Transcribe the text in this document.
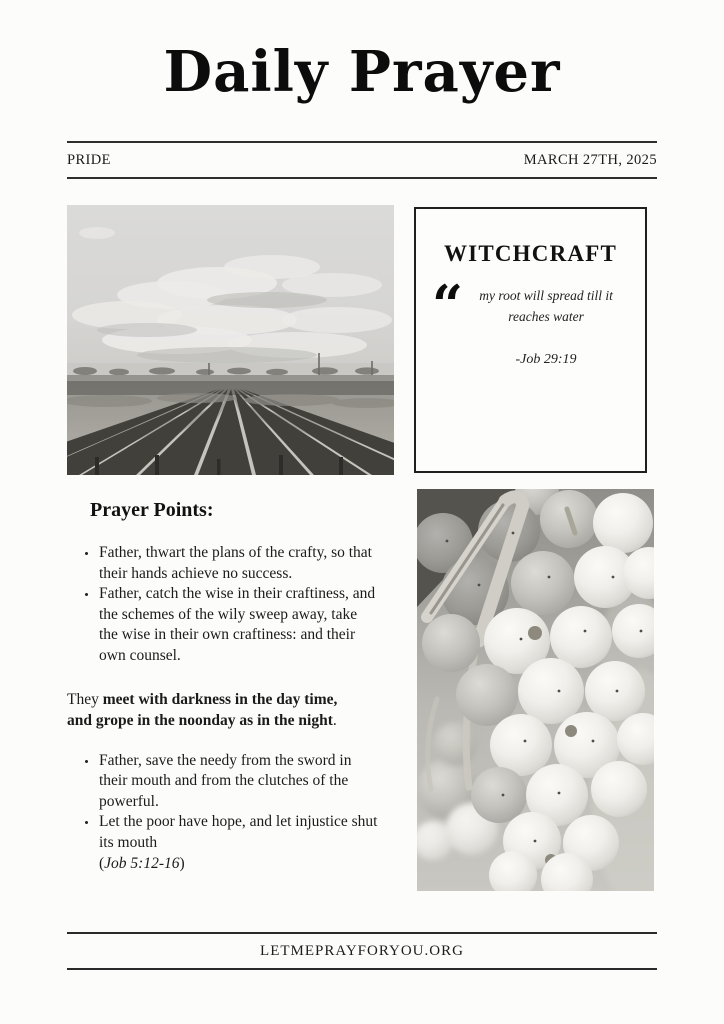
Daily Prayer
PRIDE	MARCH 27TH, 2025
WITCHCRAFT
“	my root will spread till it
reaches water

-Job 29:19

Prayer Points:
• Father, thwart the plans of the crafty, so that their hands achieve no success.
• Father, catch the wise in their craftiness, and the schemes of the wily sweep away, take the wise in their own craftiness: and their own counsel.

They meet with darkness in the day time, and grope in the noonday as in the night.

• Father, save the needy from the sword in their mouth and from the clutches of the powerful.
• Let the poor have hope, and let injustice shut its mouth
(Job 5:12-16)
LETMEPRAYFORYOU.ORG
